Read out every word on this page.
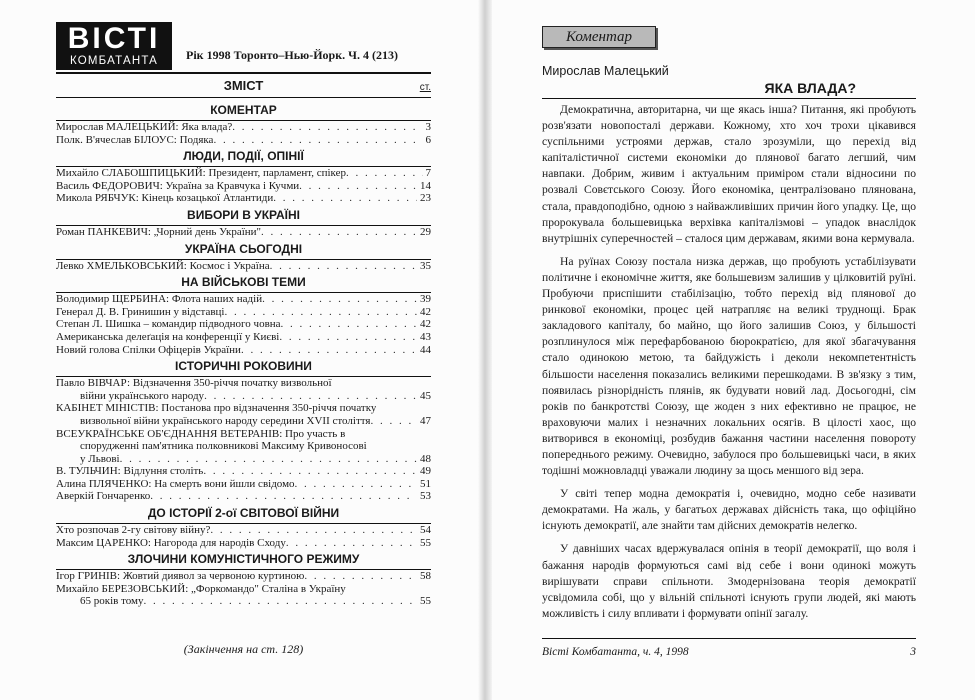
ВІСТІ
КОМБАТАНТА	Рік 1998 Торонто–Нью-Йорк. Ч. 4 (213)
ЗМІСТ	ст.
КОМЕНТАР
Мирослав МАЛЕЦЬКИЙ: Яка влада? . . .	3
Полк. В'ячеслав БІЛОУС: Подяка . . .	6
ЛЮДИ, ПОДІЇ, ОПІНІЇ
Михайло СЛАБОШПИЦЬКИЙ: Президент, парламент, спікер . . .	7
Василь ФЕДОРОВИЧ: Україна за Кравчука і Кучми . . .	14
Микола РЯБЧУК: Кінець козацької Атлантиди . . .	23
ВИБОРИ В УКРАЇНІ
Роман ПАНКЕВИЧ: „Чорний день України" . . .	29
УКРАЇНА СЬОГОДНІ
Левко ХМЕЛЬКОВСЬКИЙ: Космос і Україна . . .	35
НА ВІЙСЬКОВІ ТЕМИ
Володимир ЩЕРБИНА: Флота наших надій . . .	39
Генерал Д. В. Гринишин у відставці . . .	42
Степан Л. Шишка – командир підводного човна . . .	42
Американська делеґація на конференції у Києві . . .	43
Новий голова Спілки Офіцерів України . . .	44
ІСТОРИЧНІ РОКОВИНИ
Павло ВІВЧАР: Відзначення 350-річчя початку визвольної
війни українського народу . . .	45
КАБІНЕТ МІНІСТІВ: Постанова про відзначення 350-річчя початку
визвольної війни українського народу середини XVII століття . . .	47
ВСЕУКРАЇНСЬКЕ ОБ'ЄДНАННЯ ВЕТЕРАНІВ: Про участь в
спорудженні пам'ятника полковникові Максиму Кривоносові
у Львові . . .	48
В. ТУЛЬЧИН: Відлуння століть . . .	49
Алина ПЛЯЧЕНКО: На смерть вони йшли свідомо . . .	51
Аверкій Гончаренко . . .	53
ДО ІСТОРІЇ 2-ої СВІТОВОЇ ВІЙНИ
Хто розпочав 2-гу світову війну? . . .	54
Максим ЦАРЕНКО: Нагорода для народів Сходу . . .	55
ЗЛОЧИНИ КОМУНІСТИЧНОГО РЕЖИМУ
Ігор ГРИНІВ: Жовтий диявол за червоною куртиною . . .	58
Михайло БЕРЕЗОВСЬКИЙ: „Форкомандо" Сталіна в Україну
65 років тому . . .	55
(Закінчення на ст. 128)
Коментар
Мирослав Малецький
ЯКА ВЛАДА?

Демократична, авторитарна, чи ще якась інша? Питання, які пробують розв'язати новопосталі держави. Кожному, хто хоч трохи цікавився суспільними устроями держав, стало зрозуміли, що перехід від капіталістичної системи економіки до плянової багато легший, чим навпаки. Добрим, живим і актуальним приміром стали відносини по розвалі Совєтського Союзу. Його економіка, централізовано плянована, стала, правдоподібно, одною з найважливіших причин його упадку. Це, що пророкувала большевицька верхівка капіталізмові – упадок внаслідок внутрішніх суперечностей – сталося цим державам, якими вона кермувала.

На руїнах Союзу постала низка держав, що пробують устабілізувати політичне і економічне життя, яке большевизм залишив у цілковитій руїні. Пробуючи приспішити стабілізацію, тобто перехід від плянової до ринкової економіки, процес цей натрапляє на великі труднощі. Брак закладового капіталу, бо майно, що його залишив Союз, у більшості розплинулося між перефарбованою бюрократією, для якої збагачування стало одинокою метою, та байдужість і деколи некомпетентність більшости населення показались великими перешкодами. В зв'язку з тим, появилась різнорідність плянів, як будувати новий лад. Досьогодні, сім років по банкротстві Союзу, ще жоден з них ефективно не працює, не враховуючи малих і незначних локальних осягів. В цілості хаос, що витворився в економіці, розбудив бажання частини населення повороту попереднього режиму. Очевидно, забулося про большевицькі часи, в яких тодішні можновладці уважали людину за щось меншого від зера.

У світі тепер модна демократія і, очевидно, модно себе називати демократами. На жаль, у багатьох державах дійсність така, що офіційно існують демократії, але знайти там дійсних демократів нелегко.

У давніших часах вдержувалася опінія в теорії демократії, що воля і бажання народів формуються самі від себе і вони одинокі можуть вирішувати справи спільноти. Змодернізована теорія демократії усвідомила собі, що у вільній спільноті існують групи людей, які мають можливість і силу впливати і формувати опінії загалу.

Вісті Комбатанта, ч. 4, 1998	3
